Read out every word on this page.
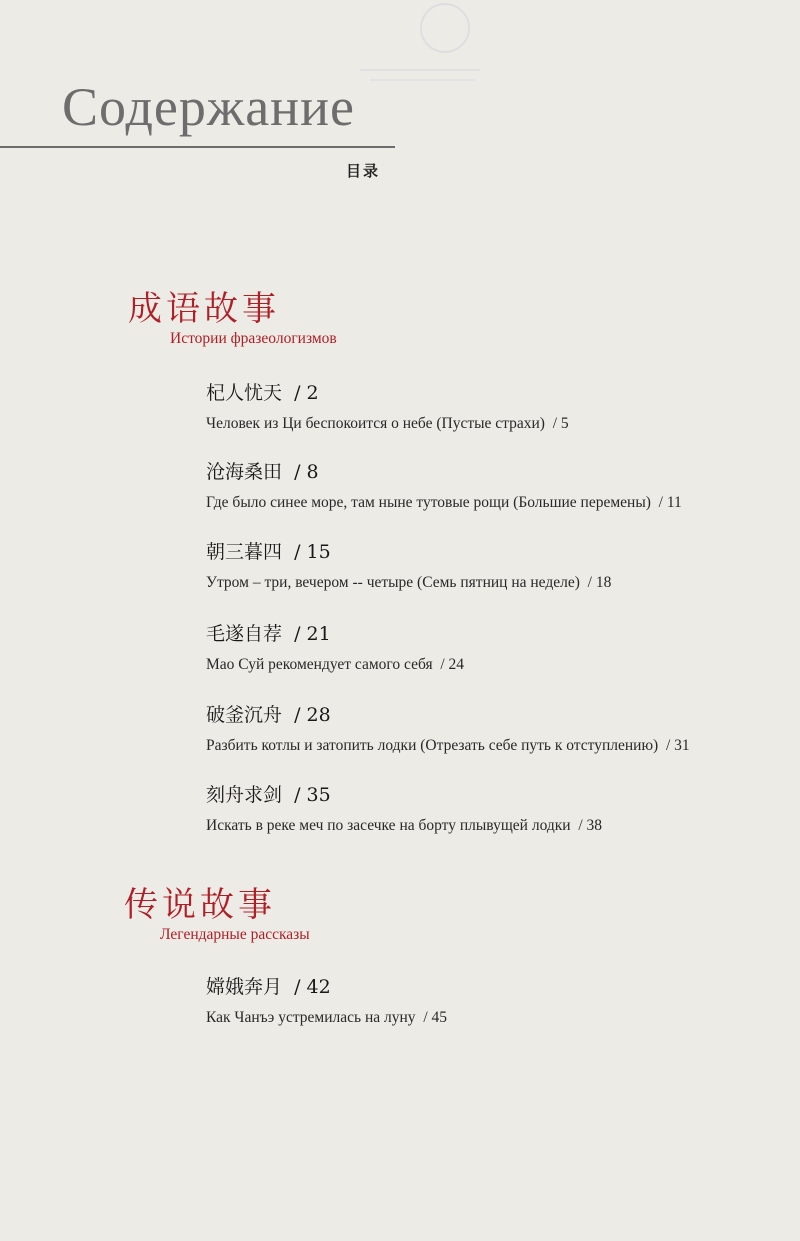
Содержание
目录
成语故事
Истории фразеологизмов
杞人忧天 / 2
Человек из Ци беспокоится о небе (Пустые страхи) / 5
沧海桑田 / 8
Где было синее море, там ныне тутовые рощи (Большие перемены) / 11
朝三暮四 / 15
Утром – три, вечером -- четыре (Семь пятниц на неделе) / 18
毛遂自荐 / 21
Мао Суй рекомендует самого себя / 24
破釜沉舟 / 28
Разбить котлы и затопить лодки (Отрезать себе путь к отступлению) / 31
刻舟求剑 / 35
Искать в реке меч по засечке на борту плывущей лодки / 38
传说故事
Легендарные рассказы
嫦娥奔月 / 42
Как Чанъэ устремилась на луну / 45
